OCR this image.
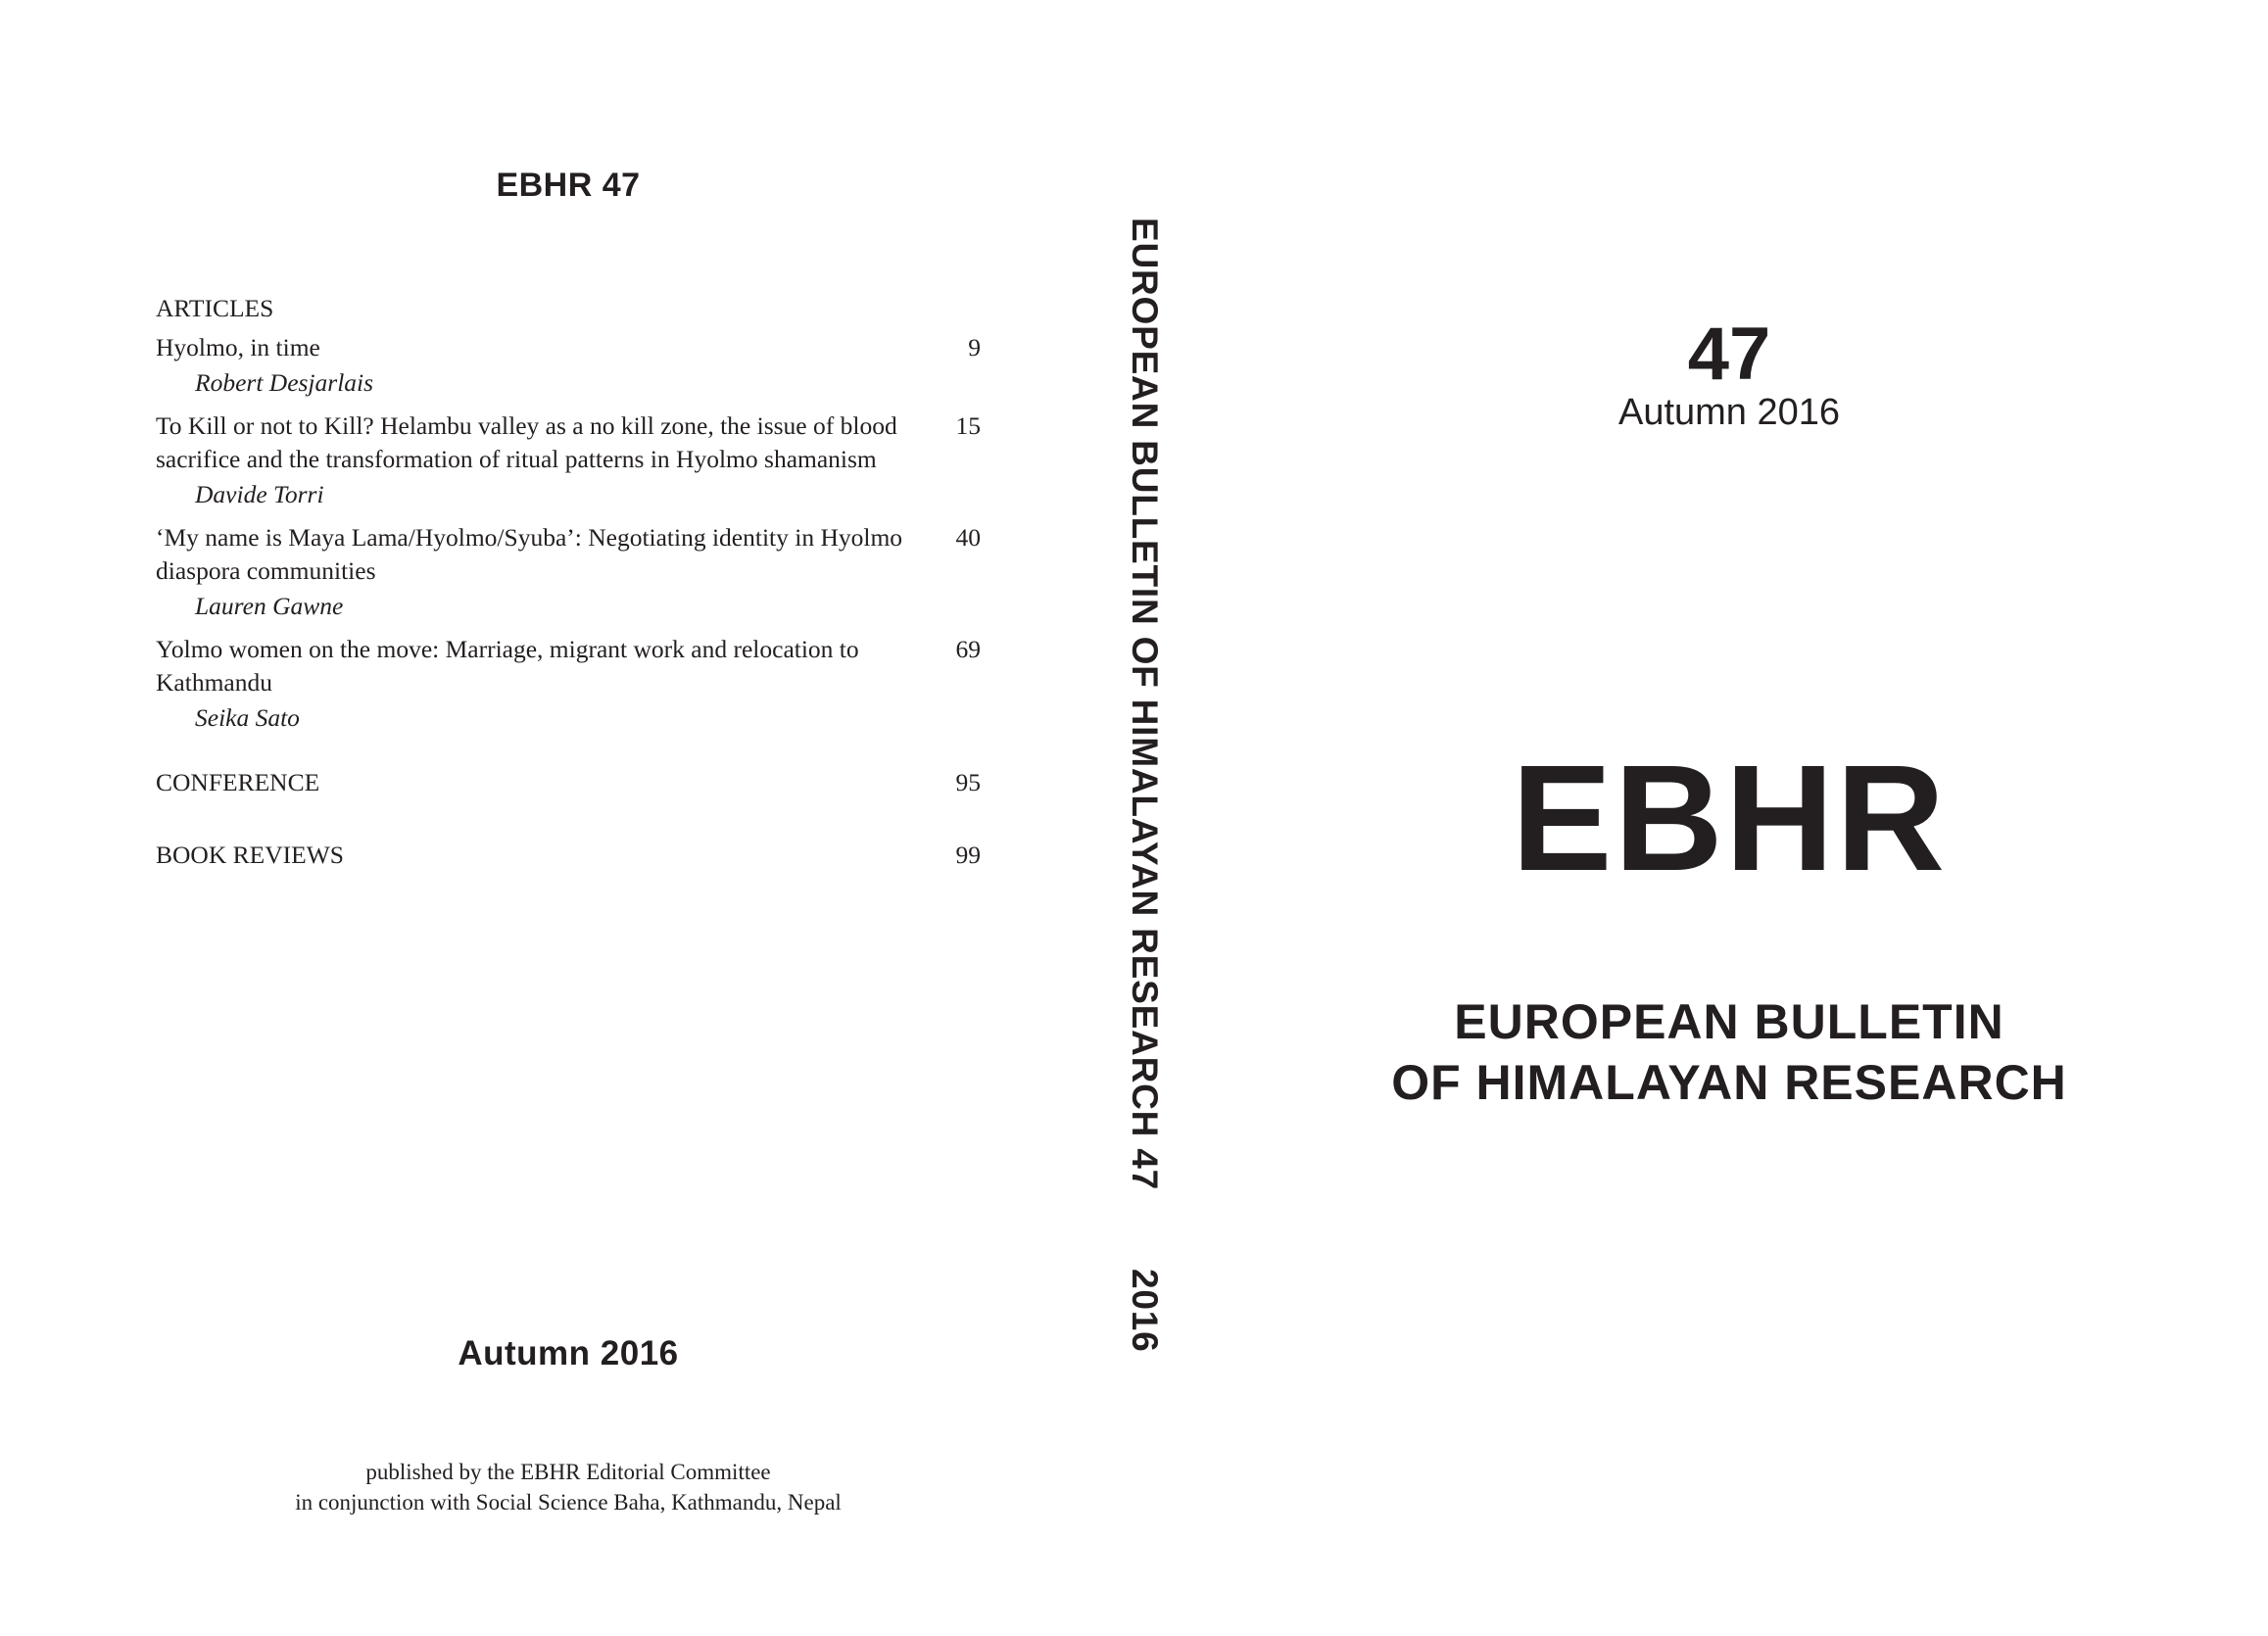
EBHR 47
ARTICLES
Hyolmo, in time
Robert Desjarlais
9
To Kill or not to Kill? Helambu valley as a no kill zone, the issue of blood sacrifice and the transformation of ritual patterns in Hyolmo shamanism
Davide Torri
15
‘My name is Maya Lama/Hyolmo/Syuba’: Negotiating identity in Hyolmo diaspora communities
Lauren Gawne
40
Yolmo women on the move: Marriage, migrant work and relocation to Kathmandu
Seika Sato
69
CONFERENCE	95
BOOK REVIEWS	99
Autumn 2016
published by the EBHR Editorial Committee
in conjunction with Social Science Baha, Kathmandu, Nepal
EUROPEAN BULLETIN OF HIMALAYAN RESEARCH 472016
47
Autumn 2016
EBHR
EUROPEAN BULLETIN
OF HIMALAYAN RESEARCH
